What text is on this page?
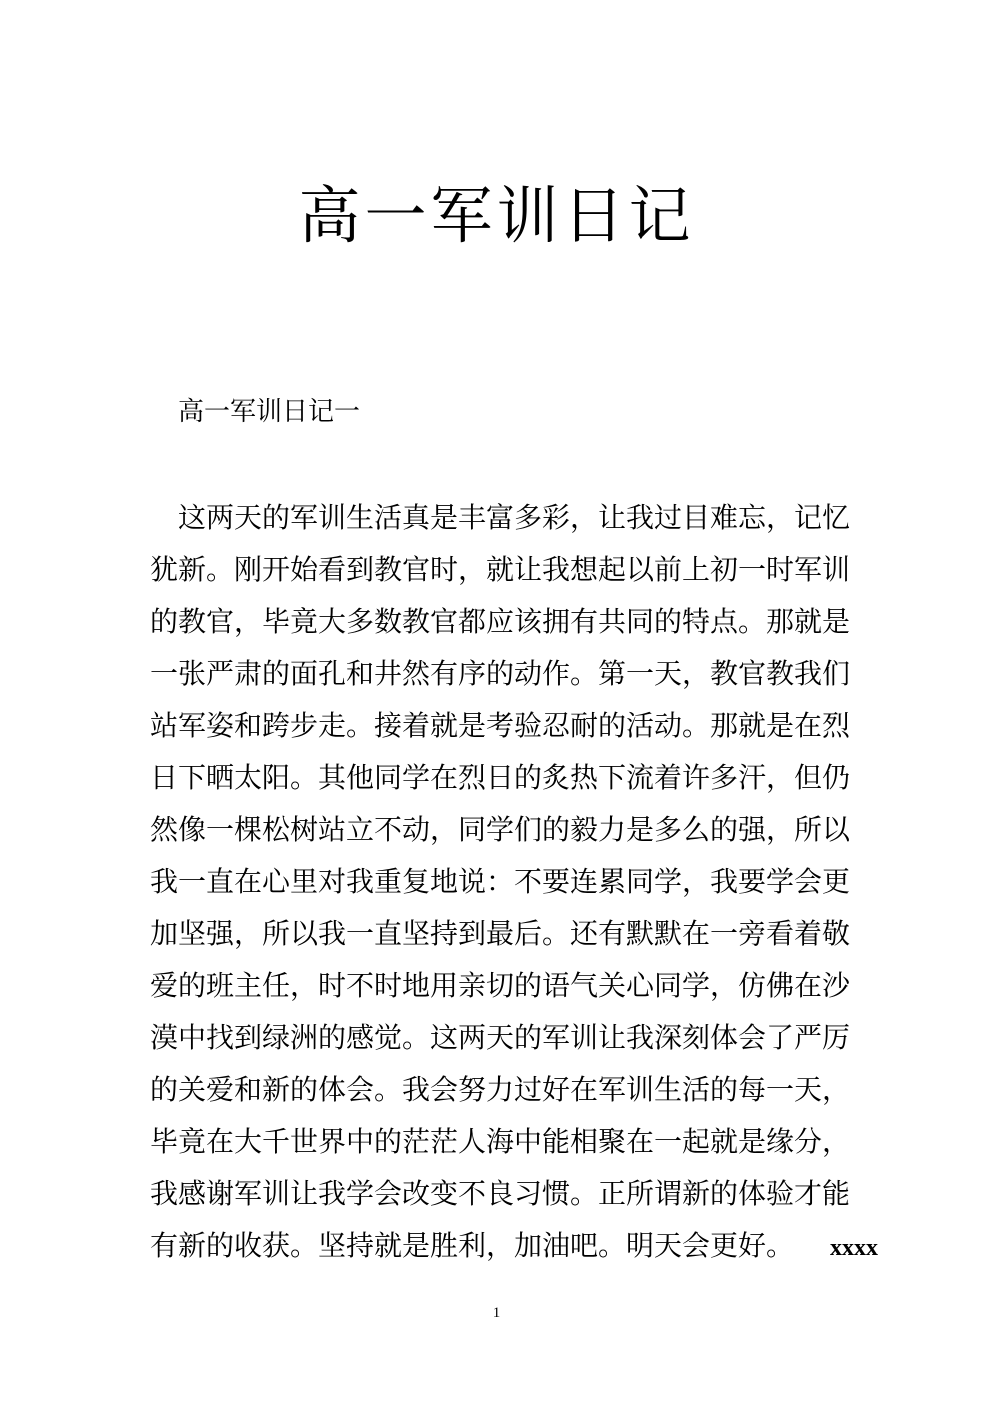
高一军训日记
高一军训日记一
这两天的军训生活真是丰富多彩，让我过目难忘，记忆
犹新。刚开始看到教官时，就让我想起以前上初一时军训
的教官，毕竟大多数教官都应该拥有共同的特点。那就是
一张严肃的面孔和井然有序的动作。第一天，教官教我们
站军姿和跨步走。接着就是考验忍耐的活动。那就是在烈
日下晒太阳。其他同学在烈日的炙热下流着许多汗，但仍
然像一棵松树站立不动，同学们的毅力是多么的强，所以
我一直在心里对我重复地说：不要连累同学，我要学会更
加坚强，所以我一直坚持到最后。还有默默在一旁看着敬
爱的班主任，时不时地用亲切的语气关心同学，仿佛在沙
漠中找到绿洲的感觉。这两天的军训让我深刻体会了严厉
的关爱和新的体会。我会努力过好在军训生活的每一天，
毕竟在大千世界中的茫茫人海中能相聚在一起就是缘分，
我感谢军训让我学会改变不良习惯。正所谓新的体验才能
有新的收获。坚持就是胜利，加油吧。明天会更好。 xxxx
1
